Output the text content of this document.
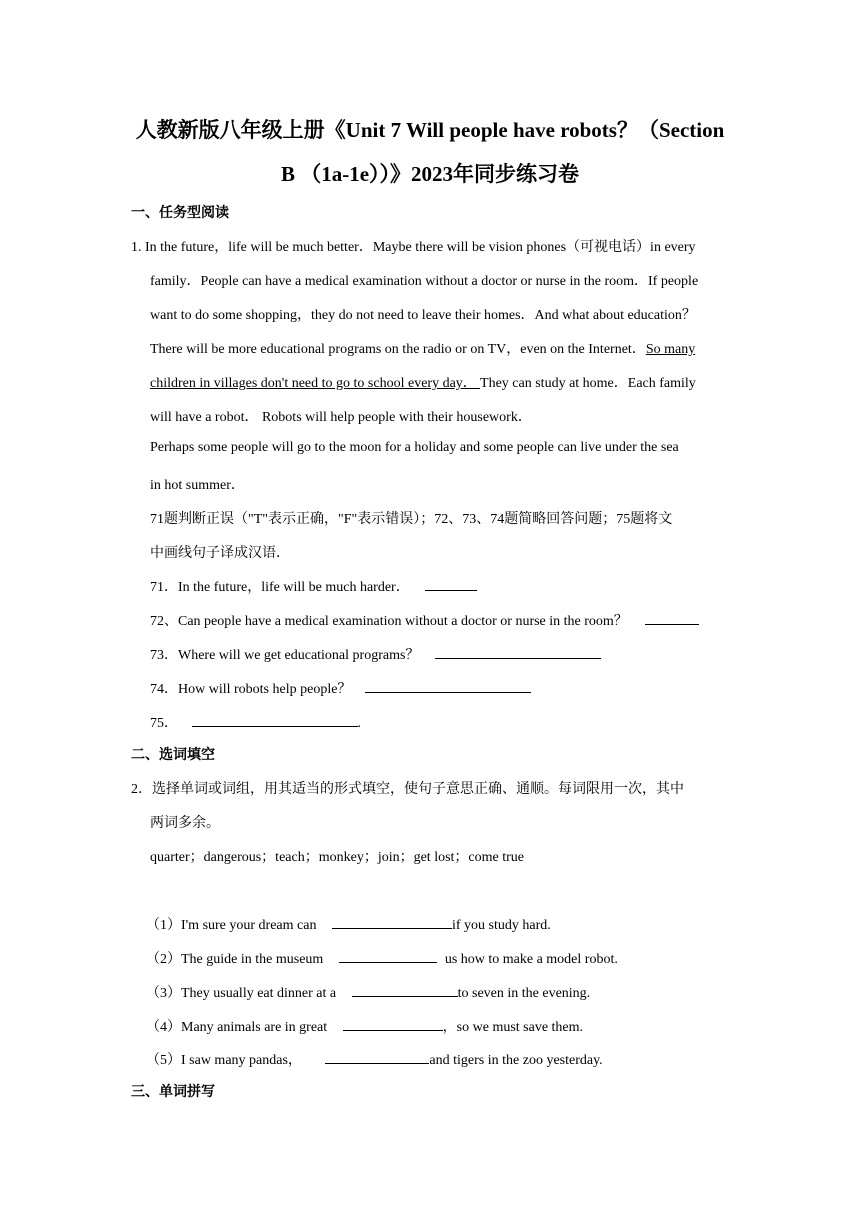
人教新版八年级上册《Unit 7 Will people have robots？（Section
B （1a-1e））》2023年同步练习卷
一、任务型阅读
1. In the future，life will be much better．Maybe there will be vision phones（可视电话）in every
family．People can have a medical examination without a doctor or nurse in the room．If people
want to do some shopping，they do not need to leave their homes．And what about education？
There will be more educational programs on the radio or on TV，even on the Internet．So many
children in villages don't need to go to school every day． They can study at home．Each family
will have a robot． Robots will help people with their housework．
Perhaps some people will go to the moon for a holiday and some people can live under the sea
in hot summer．
71题判断正误（"T"表示正确，"F"表示错误）；72、73、74题简略回答问题；75题将文
中画线句子译成汉语．
71．In the future，life will be much harder．
72、Can people have a medical examination without a doctor or nurse in the room？
73．Where will we get educational programs？
74．How will robots help people？
75．	.
二、选词填空
2．选择单词或词组，用其适当的形式填空，使句子意思正确、通顺。每词限用一次，其中
两词多余。
quarter；dangerous；teach；monkey；join；get lost；come true
（1）I'm sure your dream can	if you study hard.
（2）The guide in the museum	us how to make a model robot.
（3）They usually eat dinner at a	to seven in the evening.
（4）Many animals are in great	，so we must save them.
（5）I saw many pandas，	and tigers in the zoo yesterday.
三、单词拼写
